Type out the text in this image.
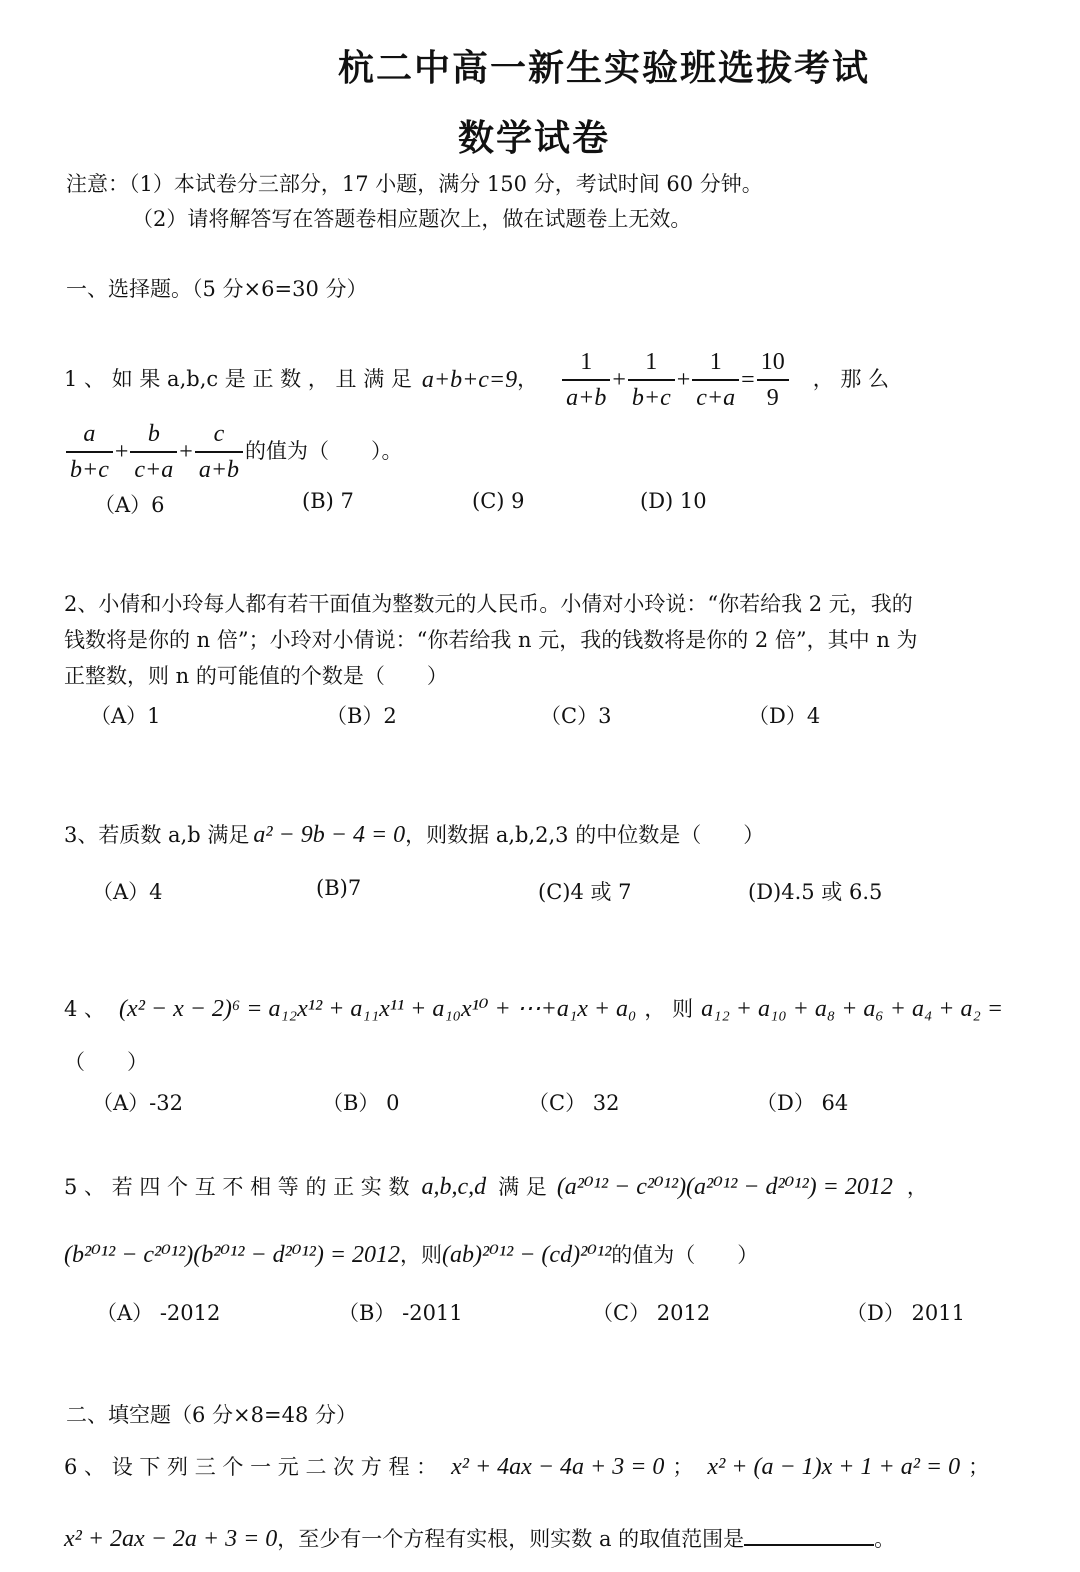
杭二中高一新生实验班选拔考试
数学试卷
注意：（1）本试卷分三部分，17 小题，满分 150 分，考试时间 60 分钟。
（2）请将解答写在答题卷相应题次上，做在试题卷上无效。
一、选择题。（5 分×6=30 分）
1 、 如 果 a,b,c 是 正 数 ， 且 满 足 a+b+c=9 ， $\frac{1}{a+b} + \frac{1}{b+c} + \frac{1}{c+a} = \frac{10}{9}$ ， 那 么
$\frac{a}{b+c} + \frac{b}{c+a} + \frac{c}{a+b}$ 的值为（　　）。
（A）6	(B) 7	(C) 9	(D) 10
2、小倩和小玲每人都有若干面值为整数元的人民币。小倩对小玲说：“你若给我 2 元，我的
钱数将是你的 n 倍”；小玲对小倩说：“你若给我 n 元，我的钱数将是你的 2 倍”，其中 n 为
正整数，则 n 的可能值的个数是（　　）
（A）1	（B）2	（C）3	（D）4
3、若质数 a,b 满足 a² − 9b − 4 = 0 ，则数据 a,b,2,3 的中位数是（　　）
（A）4	(B)7	(C)4 或 7	(D)4.5 或 6.5
4 、 (x² − x − 2)⁶ = a₁₂x¹² + a₁₁x¹¹ + a₁₀x¹⁰ + ⋯+a₁x + a₀ ， 则 a₁₂ + a₁₀ + a₈ + a₆ + a₄ + a₂ =
（　　）
（A）-32	（B） 0	（C） 32	（D） 64
5 、 若 四 个 互 不 相 等 的 正 实 数 a,b,c,d 满 足 (a²⁰¹² − c²⁰¹²)(a²⁰¹² − d²⁰¹²) = 2012 ，
(b²⁰¹² − c²⁰¹²)(b²⁰¹² − d²⁰¹²) = 2012 ，则 (ab)²⁰¹² − (cd)²⁰¹² 的值为（　　）
（A） -2012	（B） -2011	（C） 2012	（D） 2011
二、填空题（6 分×8=48 分）
6 、 设 下 列 三 个 一 元 二 次 方 程 ： x² + 4ax − 4a + 3 = 0 ； x² + (a − 1)x + 1 + a² = 0 ；
x² + 2ax − 2a + 3 = 0 ，至少有一个方程有实根，则实数 a 的取值范围是	。
